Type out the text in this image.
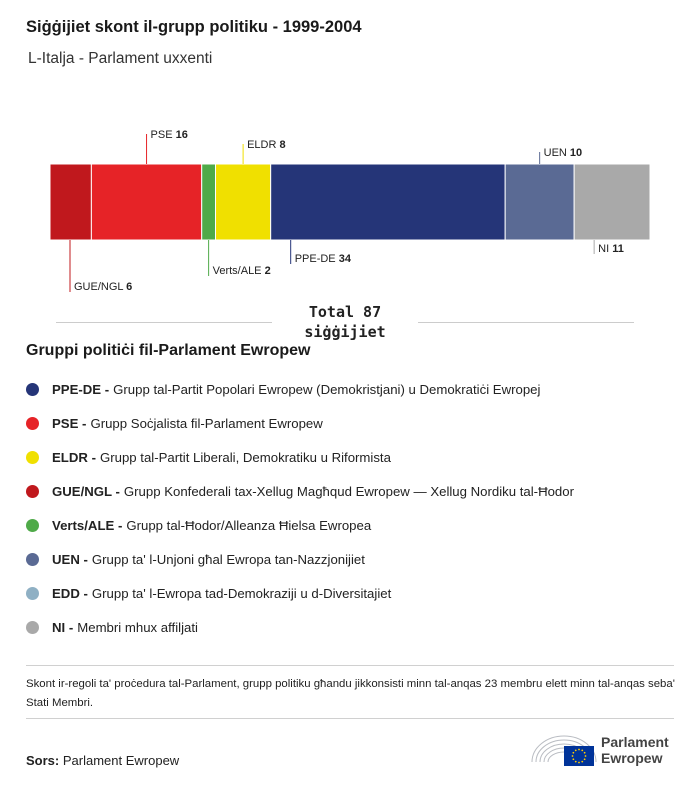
Siġġijiet skont il-grupp politiku - 1999-2004
L-Italja - Parlament uxxenti
GUE/NGL 6
PSE 16
Verts/ALE 2
ELDR 8
PPE-DE 34
UEN 10
NI 11
Total 87
siġġijiet
Gruppi politiċi fil-Parlament Ewropew
PPE-DE - Grupp tal-Partit Popolari Ewropew (Demokristjani) u Demokratiċi Ewropej
PSE - Grupp Soċjalista fil-Parlament Ewropew
ELDR - Grupp tal-Partit Liberali, Demokratiku u Riformista
GUE/NGL - Grupp Konfederali tax-Xellug Magħqud Ewropew — Xellug Nordiku tal-Ħodor
Verts/ALE - Grupp tal-Ħodor/Alleanza Ħielsa Ewropea
UEN - Grupp ta' l-Unjoni għal Ewropa tan-Nazzjonijiet
EDD - Grupp ta' l-Ewropa tad-Demokraziji u d-Diversitajiet
NI - Membri mhux affiljati
Skont ir-regoli ta' proċedura tal-Parlament, grupp politiku għandu jikkonsisti minn tal-anqas 23 membru elett minn tal-anqas seba' Stati Membri.
Sors: Parlament Ewropew
Parlament
Ewropew
